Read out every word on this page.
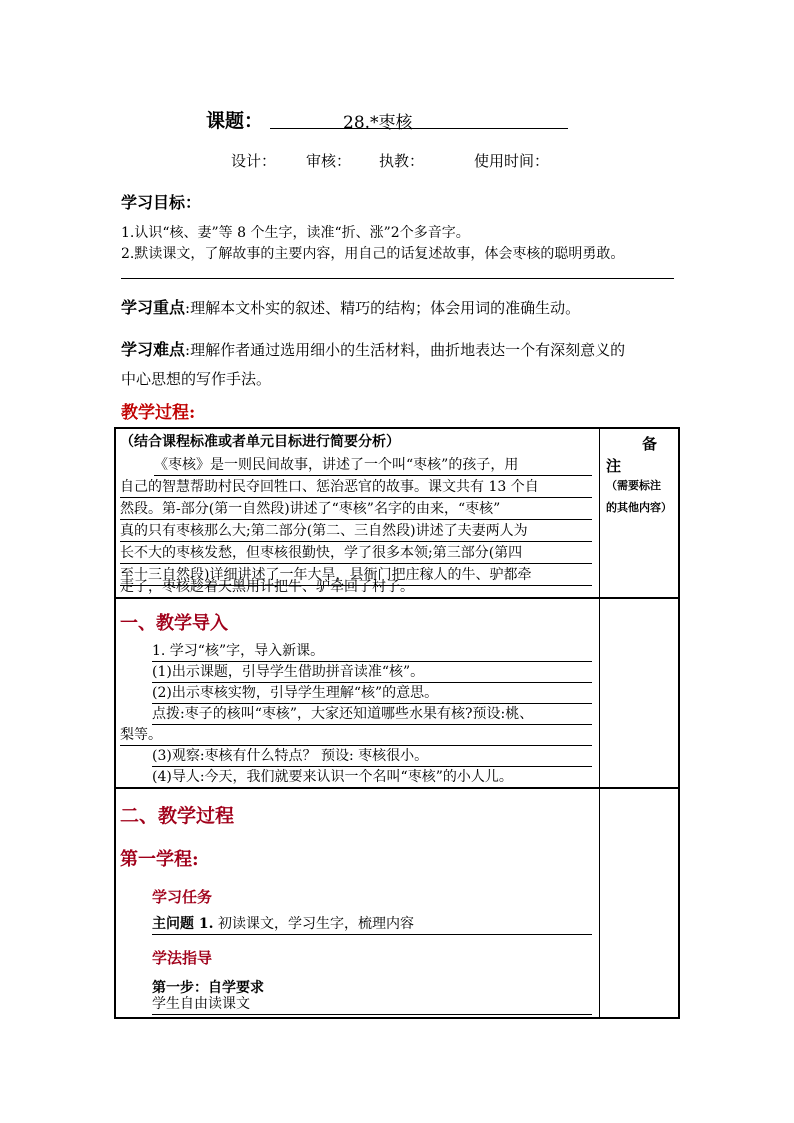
课题：	28.*枣核
设计： 审核： 执教：	使用时间：
学习目标：
1.认识“核、妻”等 8 个生字，读准“折、涨”2个多音字。
2.默读课文，了解故事的主要内容，用自己的话复述故事，体会枣核的聪明勇敢。
学习重点:理解本文朴实的叙述、精巧的结构；体会用词的准确生动。
学习难点:理解作者通过选用细小的生活材料，曲折地表达一个有深刻意义的
中心思想的写作手法。
教学过程:
（结合课程标准或者单元目标进行简要分析）
《枣核》是一则民间故事，讲述了一个叫“枣核”的孩子，用
自己的智慧帮助村民夺回牲口、惩治恶官的故事。课文共有 13 个自
然段。第-部分(第一自然段)讲述了“枣核”名字的由来，“枣核”
真的只有枣核那么大;第二部分(第二、三自然段)讲述了夫妻两人为
长不大的枣核发愁，但枣核很勤快，学了很多本领;第三部分(第四
至十三自然段)详细讲述了一年大旱，县衙门把庄稼人的牛、驴都牵
走了，枣核趁着天黑用计把牛、驴牵回了村子。
备
注
（需要标注
的其他内容）
一、教学导入
1. 学习“核”字，导入新课。
(1)出示课题，引导学生借助拼音读准“核”。
(2)出示枣核实物，引导学生理解“核”的意思。
点拨:枣子的核叫“枣核”，大家还知道哪些水果有核?预设:桃、
梨等。
(3)观察:枣核有什么特点？ 预设: 枣核很小。
(4)导人:今天，我们就要来认识一个名叫“枣核”的小人儿。
二、教学过程
第一学程:
学习任务
主问题 1. 初读课文，学习生字，梳理内容
学法指导
第一步：自学要求
学生自由读课文
